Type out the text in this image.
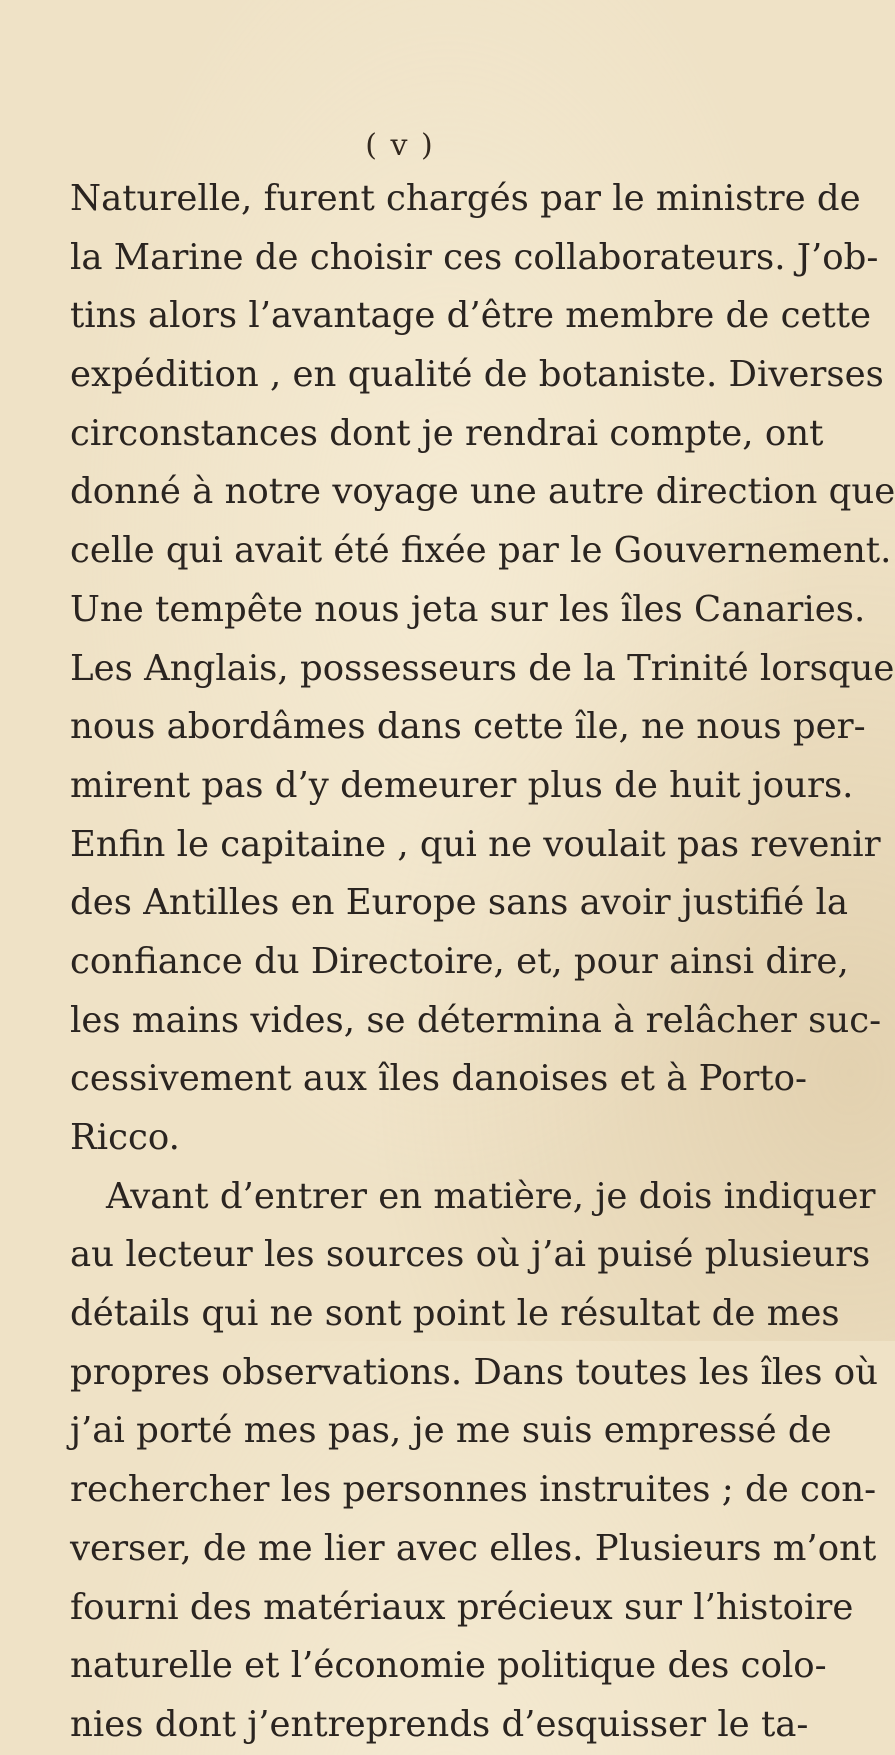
( v )
Naturelle, furent chargés par le ministre de
la Marine de choisir ces collaborateurs. J’ob-
tins alors l’avantage d’être membre de cette
expédition , en qualité de botaniste. Diverses
circonstances dont je rendrai compte, ont
donné à notre voyage une autre direction que
celle qui avait été fixée par le Gouvernement.
Une tempête nous jeta sur les îles Canaries.
Les Anglais, possesseurs de la Trinité lorsque
nous abordâmes dans cette île, ne nous per-
mirent pas d’y demeurer plus de huit jours.
Enfin le capitaine , qui ne voulait pas revenir
des Antilles en Europe sans avoir justifié la
confiance du Directoire, et, pour ainsi dire,
les mains vides, se détermina à relâcher suc-
cessivement aux îles danoises et à Porto-
Ricco.
Avant d’entrer en matière, je dois indiquer
au lecteur les sources où j’ai puisé plusieurs
détails qui ne sont point le résultat de mes
propres observations. Dans toutes les îles où
j’ai porté mes pas, je me suis empressé de
rechercher les personnes instruites ; de con-
verser, de me lier avec elles. Plusieurs m’ont
fourni des matériaux précieux sur l’histoire
naturelle et l’économie politique des colo-
nies dont j’entreprends d’esquisser le ta-
